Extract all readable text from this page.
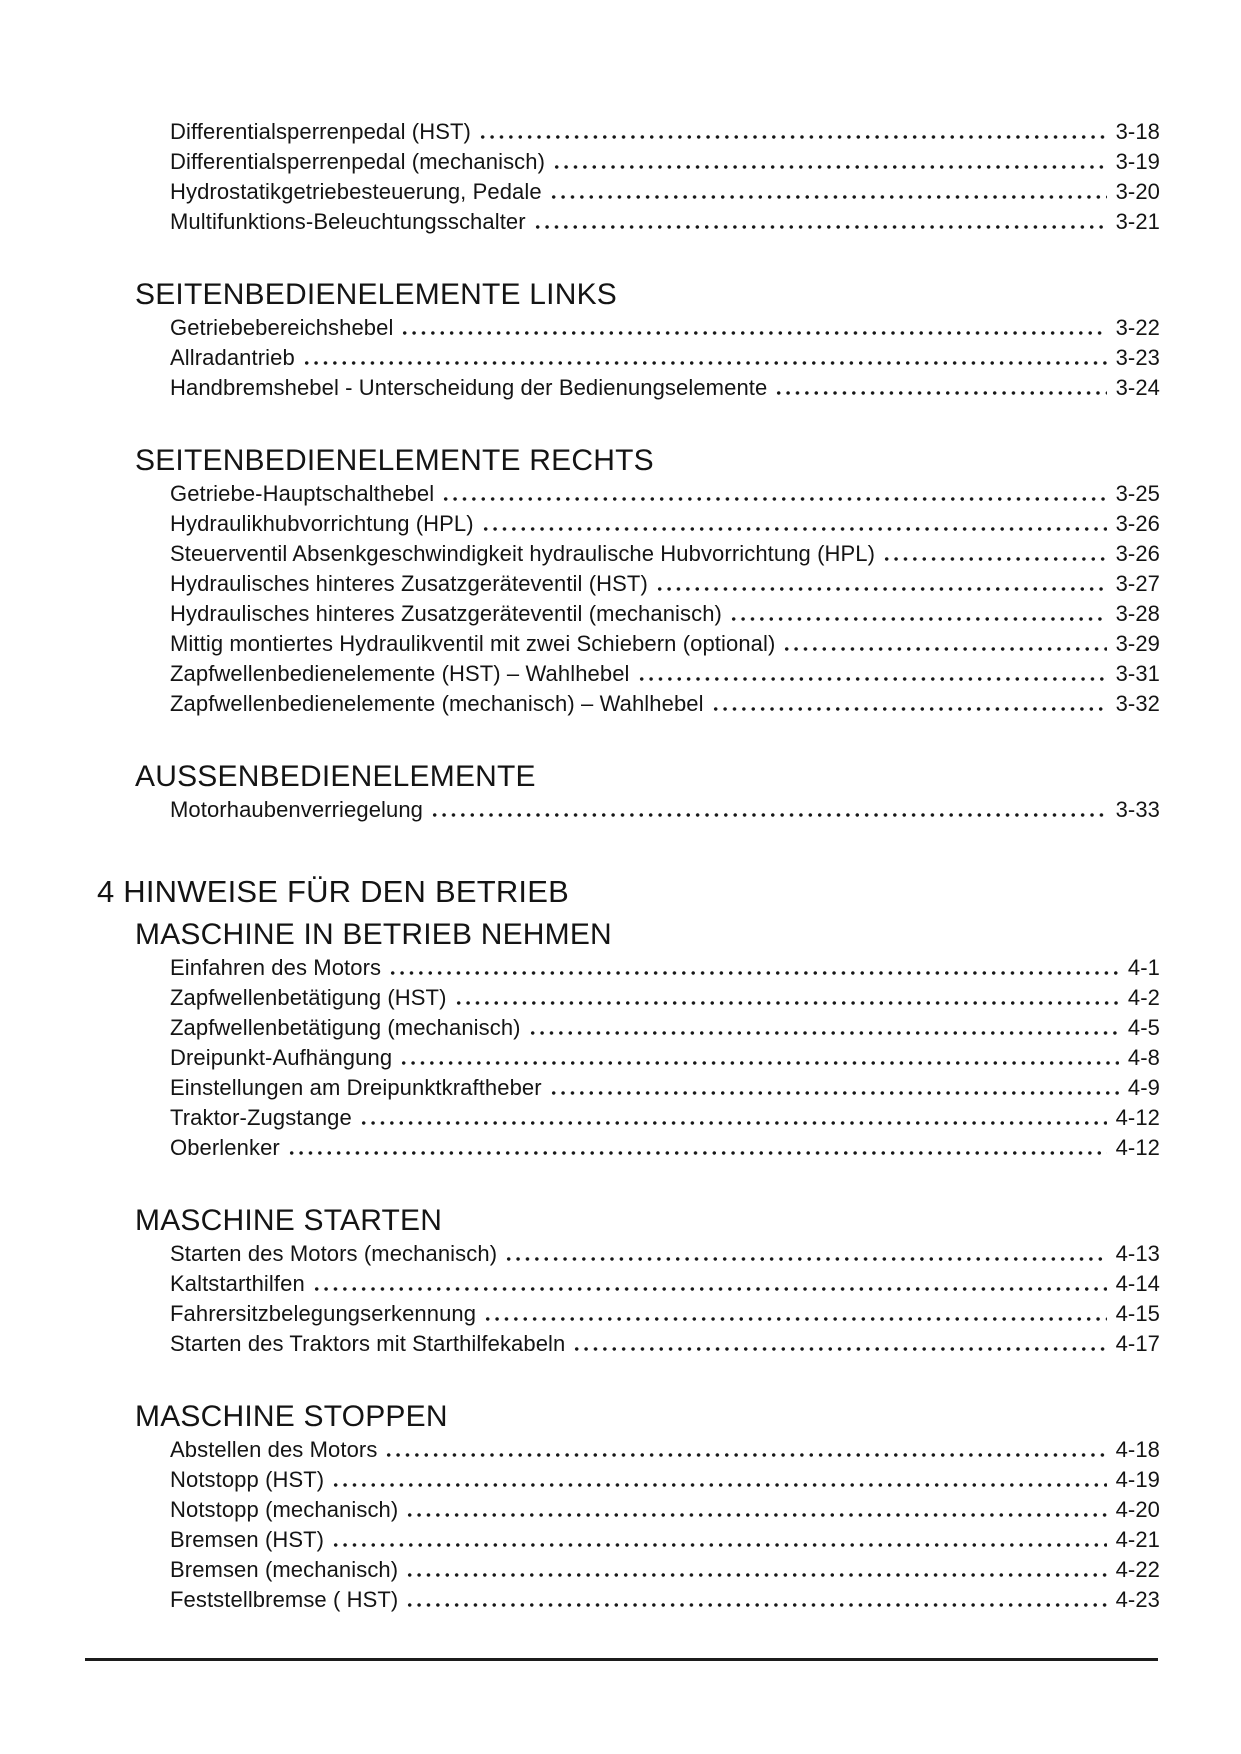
Differentialsperrenpedal (HST)	3-18
Differentialsperrenpedal (mechanisch)	3-19
Hydrostatikgetriebesteuerung, Pedale	3-20
Multifunktions-Beleuchtungsschalter	3-21
SEITENBEDIENELEMENTE LINKS
Getriebebereichshebel	3-22
Allradantrieb	3-23
Handbremshebel - Unterscheidung der Bedienungselemente	3-24
SEITENBEDIENELEMENTE RECHTS
Getriebe-Hauptschalthebel	3-25
Hydraulikhubvorrichtung (HPL)	3-26
Steuerventil Absenkgeschwindigkeit hydraulische Hubvorrichtung (HPL)	3-26
Hydraulisches hinteres Zusatzgeräteventil (HST)	3-27
Hydraulisches hinteres Zusatzgeräteventil (mechanisch)	3-28
Mittig montiertes Hydraulikventil mit zwei Schiebern (optional)	3-29
Zapfwellenbedienelemente (HST) – Wahlhebel	3-31
Zapfwellenbedienelemente (mechanisch) – Wahlhebel	3-32
AUSSENBEDIENELEMENTE
Motorhaubenverriegelung	3-33
4 HINWEISE FÜR DEN BETRIEB
MASCHINE IN BETRIEB NEHMEN
Einfahren des Motors	4-1
Zapfwellenbetätigung (HST)	4-2
Zapfwellenbetätigung (mechanisch)	4-5
Dreipunkt-Aufhängung	4-8
Einstellungen am Dreipunktkraftheber	4-9
Traktor-Zugstange	4-12
Oberlenker	4-12
MASCHINE STARTEN
Starten des Motors (mechanisch)	4-13
Kaltstarthilfen	4-14
Fahrersitzbelegungserkennung	4-15
Starten des Traktors mit Starthilfekabeln	4-17
MASCHINE STOPPEN
Abstellen des Motors	4-18
Notstopp (HST)	4-19
Notstopp (mechanisch)	4-20
Bremsen (HST)	4-21
Bremsen (mechanisch)	4-22
Feststellbremse ( HST)	4-23
